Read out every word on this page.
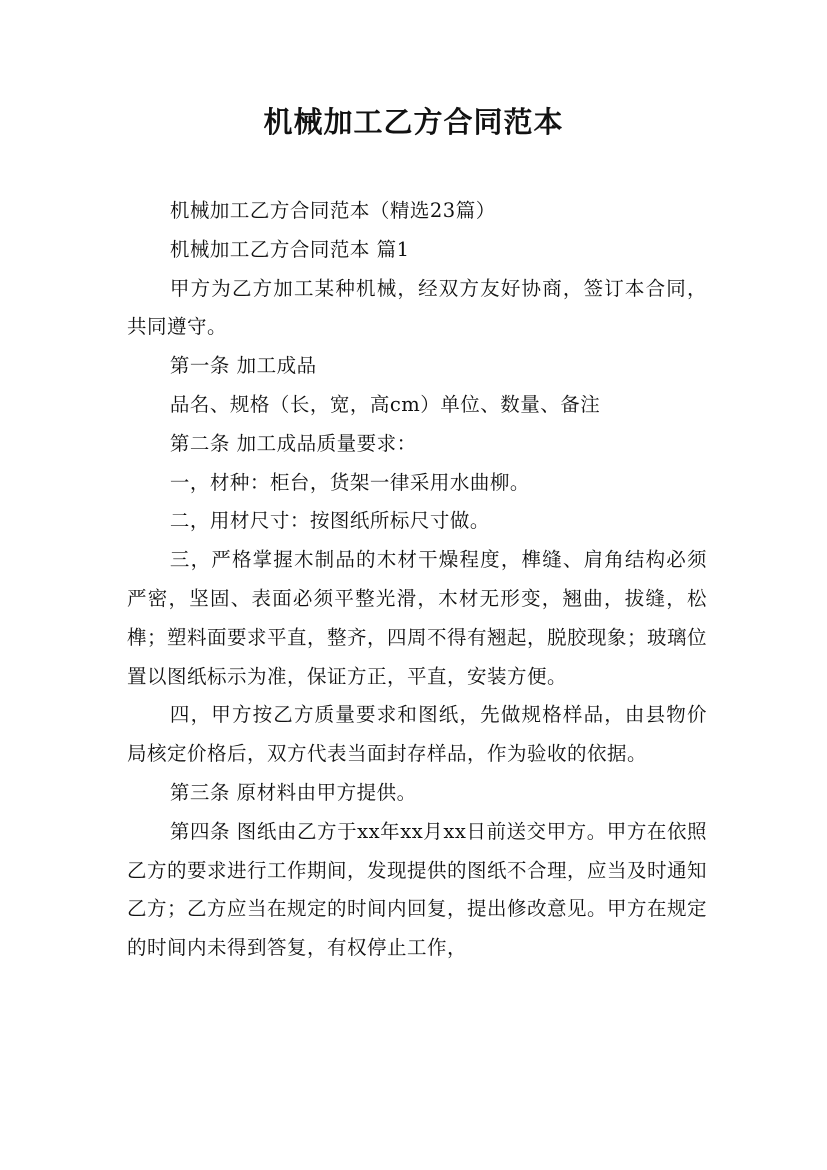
机械加工乙方合同范本

机械加工乙方合同范本（精选23篇）

机械加工乙方合同范本 篇1

甲方为乙方加工某种机械，经双方友好协商，签订本合同，共同遵守。

第一条 加工成品

品名、规格（长，宽，高cm）单位、数量、备注

第二条 加工成品质量要求：

一，材种：柜台，货架一律采用水曲柳。

二，用材尺寸：按图纸所标尺寸做。

三，严格掌握木制品的木材干燥程度，榫缝、肩角结构必须严密，坚固、表面必须平整光滑，木材无形变，翘曲，拔缝，松榫；塑料面要求平直，整齐，四周不得有翘起，脱胶现象；玻璃位置以图纸标示为准，保证方正，平直，安装方便。

四，甲方按乙方质量要求和图纸，先做规格样品，由县物价局核定价格后，双方代表当面封存样品，作为验收的依据。

第三条 原材料由甲方提供。

第四条 图纸由乙方于xx年xx月xx日前送交甲方。甲方在依照乙方的要求进行工作期间，发现提供的图纸不合理，应当及时通知乙方；乙方应当在规定的时间内回复，提出修改意见。甲方在规定的时间内未得到答复，有权停止工作，
